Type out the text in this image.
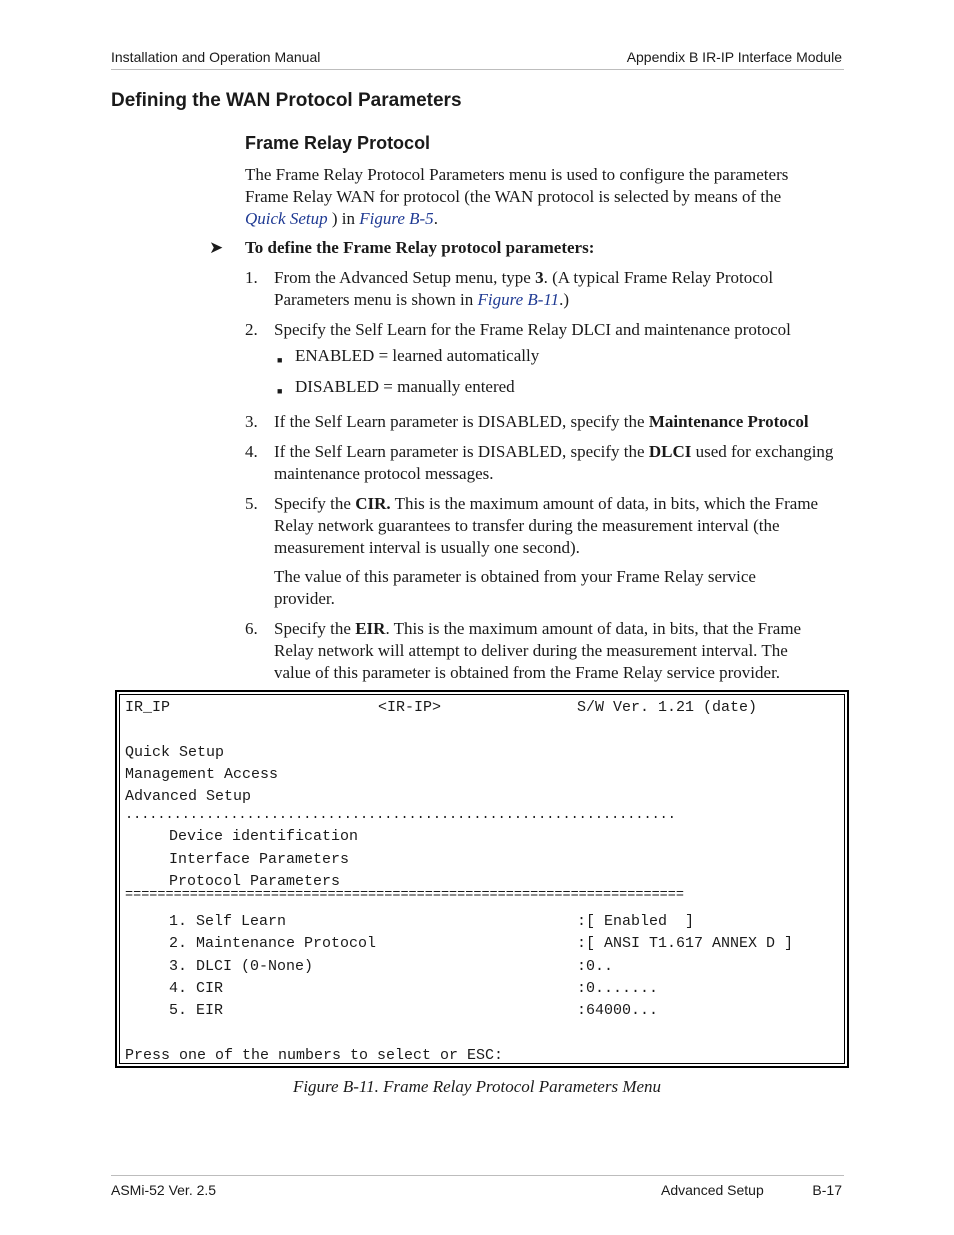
Installation and Operation Manual	Appendix B IR-IP Interface Module
Defining the WAN Protocol Parameters
Frame Relay Protocol
The Frame Relay Protocol Parameters menu is used to configure the parameters
Frame Relay WAN for protocol (the WAN protocol is selected by means of the
Quick Setup ) in Figure B-5.
➤ To define the Frame Relay protocol parameters:
1. From the Advanced Setup menu, type 3. (A typical Frame Relay Protocol
Parameters menu is shown in Figure B-11.)
2. Specify the Self Learn for the Frame Relay DLCI and maintenance protocol
■ ENABLED = learned automatically
■ DISABLED = manually entered
3. If the Self Learn parameter is DISABLED, specify the Maintenance Protocol
4. If the Self Learn parameter is DISABLED, specify the DLCI used for exchanging
maintenance protocol messages.
5. Specify the CIR. This is the maximum amount of data, in bits, which the Frame
Relay network guarantees to transfer during the measurement interval (the
measurement interval is usually one second).
The value of this parameter is obtained from your Frame Relay service
provider.
6. Specify the EIR. This is the maximum amount of data, in bits, that the Frame
Relay network will attempt to deliver during the measurement interval. The
value of this parameter is obtained from the Frame Relay service provider.
IR_IP	<IR-IP>	S/W Ver. 1.21 (date)
Quick Setup
Management Access
Advanced Setup
....................................................................
Device identification
Interface Parameters
Protocol Parameters
=====================================================================
1. Self Learn	:[ Enabled  ]
2. Maintenance Protocol	:[ ANSI T1.617 ANNEX D ]
3. DLCI (0-None)	:0..
4. CIR	:0.......
5. EIR	:64000...
Press one of the numbers to select or ESC:
Figure B-11. Frame Relay Protocol Parameters Menu
ASMi-52 Ver. 2.5	Advanced Setup	B-17
